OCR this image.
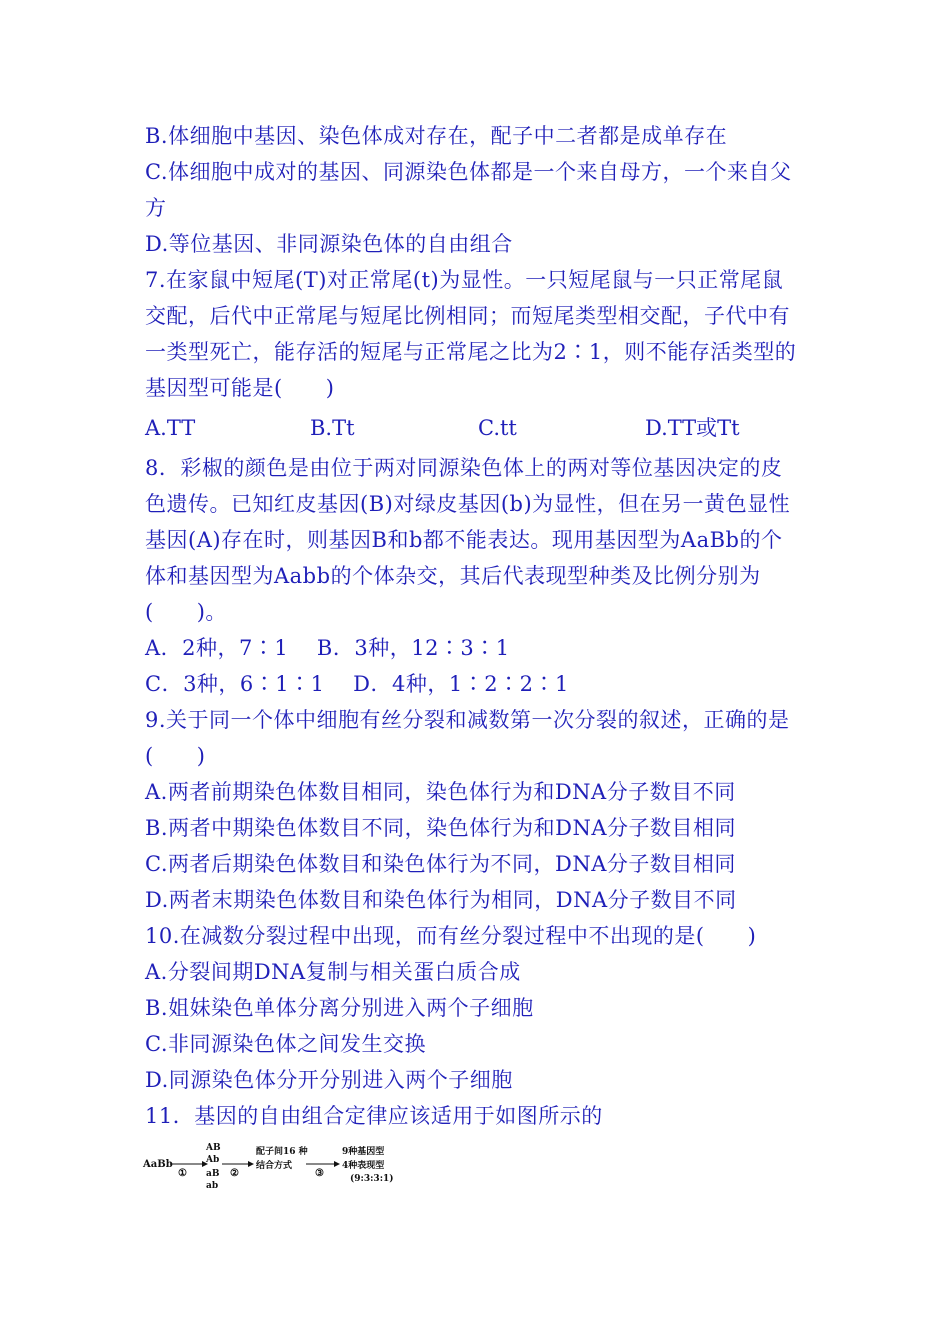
B.体细胞中基因、染色体成对存在，配子中二者都是成单存在
C.体细胞中成对的基因、同源染色体都是一个来自母方，一个来自父
方
D.等位基因、非同源染色体的自由组合
7.在家鼠中短尾(T)对正常尾(t)为显性。一只短尾鼠与一只正常尾鼠
交配，后代中正常尾与短尾比例相同；而短尾类型相交配，子代中有
一类型死亡，能存活的短尾与正常尾之比为2∶1，则不能存活类型的
基因型可能是(　　)

A.TT

	B.Tt

	C.tt

	D.TT或Tt

8．彩椒的颜色是由位于两对同源染色体上的两对等位基因决定的皮
色遗传。已知红皮基因(B)对绿皮基因(b)为显性，但在另一黄色显性
基因(A)存在时，则基因B和b都不能表达。现用基因型为AaBb的个
体和基因型为Aabb的个体杂交，其后代表现型种类及比例分别为
(　　)。
A．2种，7∶1　 B．3种，12∶3∶1
C．3种，6∶1∶1　 D．4种，1∶2∶2∶1
9.关于同一个体中细胞有丝分裂和减数第一次分裂的叙述，正确的是
(　　)
A.两者前期染色体数目相同，染色体行为和DNA分子数目不同
B.两者中期染色体数目不同，染色体行为和DNA分子数目相同
C.两者后期染色体数目和染色体行为不同，DNA分子数目相同
D.两者末期染色体数目和染色体行为相同，DNA分子数目不同
10.在减数分裂过程中出现，而有丝分裂过程中不出现的是(　　)
A.分裂间期DNA复制与相关蛋白质合成
B.姐妹染色单体分离分别进入两个子细胞
C.非同源染色体之间发生交换
D.同源染色体分开分别进入两个子细胞
11．基因的自由组合定律应该适用于如图所示的
AaBb
①
AB
Ab
aB
ab
②
配子间16 种
结合方式
③
9种基因型
4种表现型
(9:3:3:1)
